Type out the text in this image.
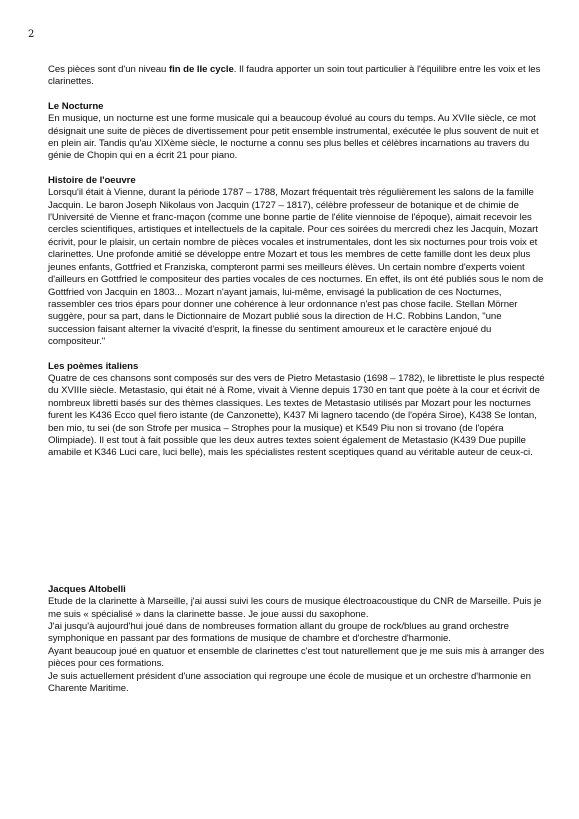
2

Ces pièces sont d'un niveau fin de IIe cycle. Il faudra apporter un soin tout particulier à l'équilibre entre les voix et les clarinettes.

Le Nocturne

En musique, un nocturne est une forme musicale qui a beaucoup évolué au cours du temps. Au XVIIe siècle, ce mot désignait une suite de pièces de divertissement pour petit ensemble instrumental, exécutée le plus souvent de nuit et en plein air. Tandis qu'au XIXème siècle, le nocturne a connu ses plus belles et célèbres incarnations au travers du génie de Chopin qui en a écrit 21 pour piano.

Histoire de l'oeuvre

Lorsqu'il était à Vienne, durant la période 1787 – 1788, Mozart fréquentait très régulièrement les salons de la famille Jacquin. Le baron Joseph Nikolaus von Jacquin (1727 – 1817), célèbre professeur de botanique et de chimie de l'Université de Vienne et franc-maçon (comme une bonne partie de l'élite viennoise de l'époque), aimait recevoir les cercles scientifiques, artistiques et intellectuels de la capitale. Pour ces soirées du mercredi chez les Jacquin, Mozart écrivit, pour le plaisir, un certain nombre de pièces vocales et instrumentales, dont les six nocturnes pour trois voix et clarinettes. Une profonde amitié se développe entre Mozart et tous les membres de cette famille dont les deux plus jeunes enfants, Gottfried et Franziska, compteront parmi ses meilleurs élèves. Un certain nombre d'experts voient d'ailleurs en Gottfried le compositeur des parties vocales de ces nocturnes. En effet, ils ont été publiés sous le nom de Gottfried von Jacquin en 1803... Mozart n'ayant jamais, lui-même, envisagé la publication de ces Nocturnes, rassembler ces trios épars pour donner une cohérence à leur ordonnance n'est pas chose facile. Stellan Mörner suggère, pour sa part, dans le Dictionnaire de Mozart publié sous la direction de H.C. Robbins Landon, "une succession faisant alterner la vivacité d'esprit, la finesse du sentiment amoureux et le caractère enjoué du compositeur."

Les poèmes italiens

Quatre de ces chansons sont composés sur des vers de Pietro Metastasio (1698 – 1782), le librettiste le plus respecté du XVIIIe siècle. Metastasio, qui était né à Rome, vivait à Vienne depuis 1730 en tant que poète à la cour et écrivit de nombreux libretti basés sur des thèmes classiques. Les textes de Metastasio utilisés par Mozart pour les nocturnes furent les K436 Ecco quel fiero istante (de Canzonette), K437 Mi lagnero tacendo (de l'opéra Siroe), K438 Se lontan, ben mio, tu sei (de son Strofe per musica – Strophes pour la musique) et K549 Piu non si trovano (de l'opéra Olimpiade). Il est tout à fait possible que les deux autres textes soient également de Metastasio (K439 Due pupille amabile et K346 Luci care, luci belle), mais les spécialistes restent sceptiques quand au véritable auteur de ceux-ci.

Jacques Altobelli

Etude de la clarinette à Marseille, j'ai aussi suivi les cours de musique électroacoustique du CNR de Marseille. Puis je me suis « spécialisé » dans la clarinette basse. Je joue aussi du saxophone.

J'ai jusqu'à aujourd'hui joué dans de nombreuses formation allant du groupe de rock/blues au grand orchestre symphonique en passant par des formations de musique de chambre et d'orchestre d'harmonie.

Ayant beaucoup joué en quatuor et ensemble de clarinettes c'est tout naturellement que je me suis mis à arranger des pièces pour ces formations.

Je suis actuellement président d'une association qui regroupe une école de musique et un orchestre d'harmonie en Charente Maritime.
